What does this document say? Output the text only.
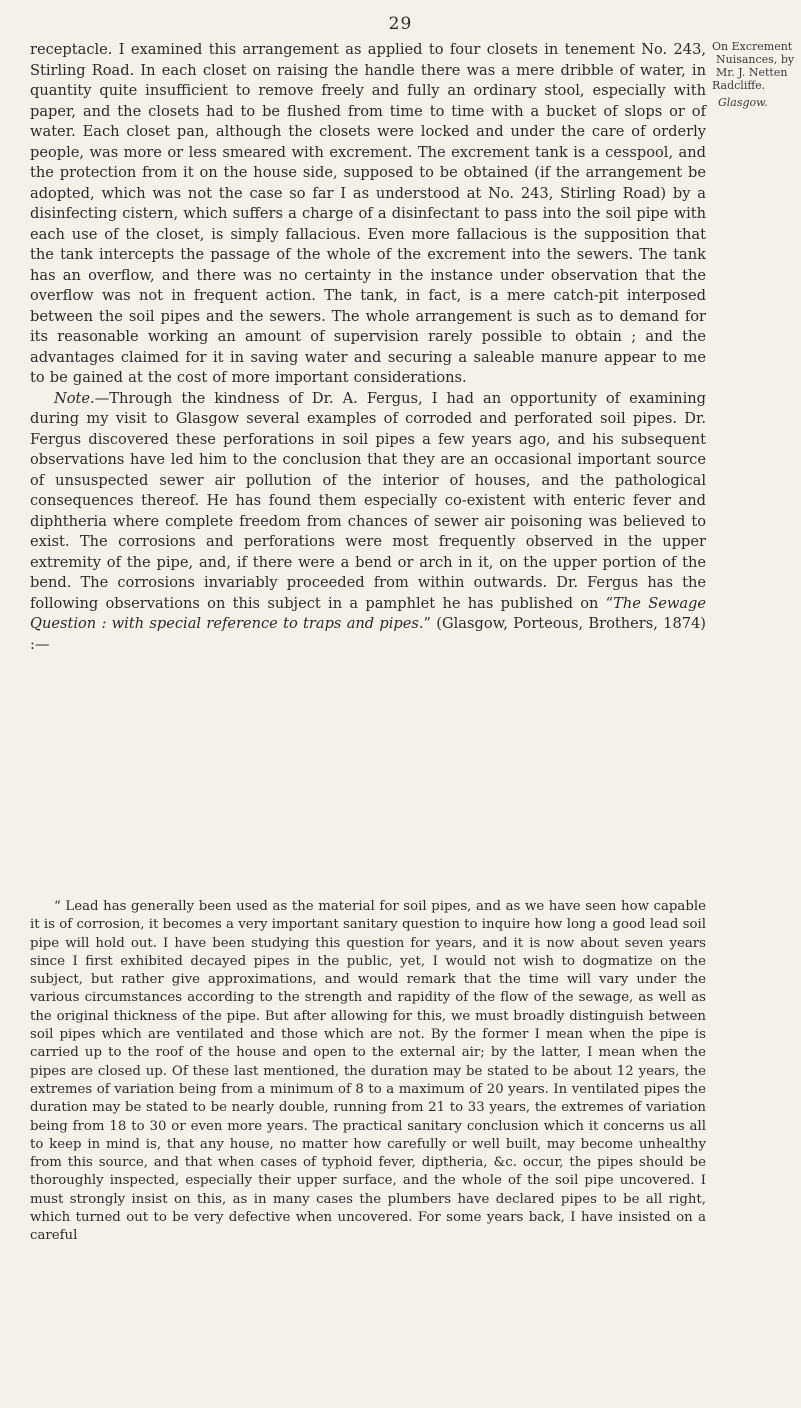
29
On Excrement
Nuisances, by
Mr. J. Netten
Radcliffe.
Glasgow.

receptacle. I examined this arrangement as applied to four closets in tenement No. 243, Stirling Road. In each closet on raising the handle there was a mere dribble of water, in quantity quite insufficient to remove freely and fully an ordinary stool, especially with paper, and the closets had to be flushed from time to time with a bucket of slops or of water. Each closet pan, although the closets were locked and under the care of orderly people, was more or less smeared with excrement. The excrement tank is a cesspool, and the protection from it on the house side, supposed to be obtained (if the arrangement be adopted, which was not the case so far I as understood at No. 243, Stirling Road) by a disinfecting cistern, which suffers a charge of a disinfectant to pass into the soil pipe with each use of the closet, is simply fallacious. Even more fallacious is the supposition that the tank intercepts the passage of the whole of the excrement into the sewers. The tank has an overflow, and there was no certainty in the instance under observation that the overflow was not in frequent action. The tank, in fact, is a mere catch-pit interposed between the soil pipes and the sewers. The whole arrangement is such as to demand for its reasonable working an amount of supervision rarely possible to obtain ; and the advantages claimed for it in saving water and securing a saleable manure appear to me to be gained at the cost of more important considerations.

Note.—Through the kindness of Dr. A. Fergus, I had an opportunity of examining during my visit to Glasgow several examples of corroded and perforated soil pipes. Dr. Fergus discovered these perforations in soil pipes a few years ago, and his subsequent observations have led him to the conclusion that they are an occasional important source of unsuspected sewer air pollution of the interior of houses, and the pathological consequences thereof. He has found them especially co-existent with enteric fever and diphtheria where complete freedom from chances of sewer air poisoning was believed to exist. The corrosions and perforations were most frequently observed in the upper extremity of the pipe, and, if there were a bend or arch in it, on the upper portion of the bend. The corrosions invariably proceeded from within outwards. Dr. Fergus has the following observations on this subject in a pamphlet he has published on “The Sewage Question : with special reference to traps and pipes.” (Glasgow, Porteous, Brothers, 1874) :—

“ Lead has generally been used as the material for soil pipes, and as we have seen how capable it is of corrosion, it becomes a very important sanitary question to inquire how long a good lead soil pipe will hold out. I have been studying this question for years, and it is now about seven years since I first exhibited decayed pipes in the public, yet, I would not wish to dogmatize on the subject, but rather give approximations, and would remark that the time will vary under the various circumstances according to the strength and rapidity of the flow of the sewage, as well as the original thickness of the pipe. But after allowing for this, we must broadly distinguish between soil pipes which are ventilated and those which are not. By the former I mean when the pipe is carried up to the roof of the house and open to the external air; by the latter, I mean when the pipes are closed up. Of these last mentioned, the duration may be stated to be about 12 years, the extremes of variation being from a minimum of 8 to a maximum of 20 years. In ventilated pipes the duration may be stated to be nearly double, running from 21 to 33 years, the extremes of variation being from 18 to 30 or even more years. The practical sanitary conclusion which it concerns us all to keep in mind is, that any house, no matter how carefully or well built, may become unhealthy from this source, and that when cases of typhoid fever, diptheria, &c. occur, the pipes should be thoroughly inspected, especially their upper surface, and the whole of the soil pipe uncovered. I must strongly insist on this, as in many cases the plumbers have declared pipes to be all right, which turned out to be very defective when uncovered. For some years back, I have insisted on a careful
